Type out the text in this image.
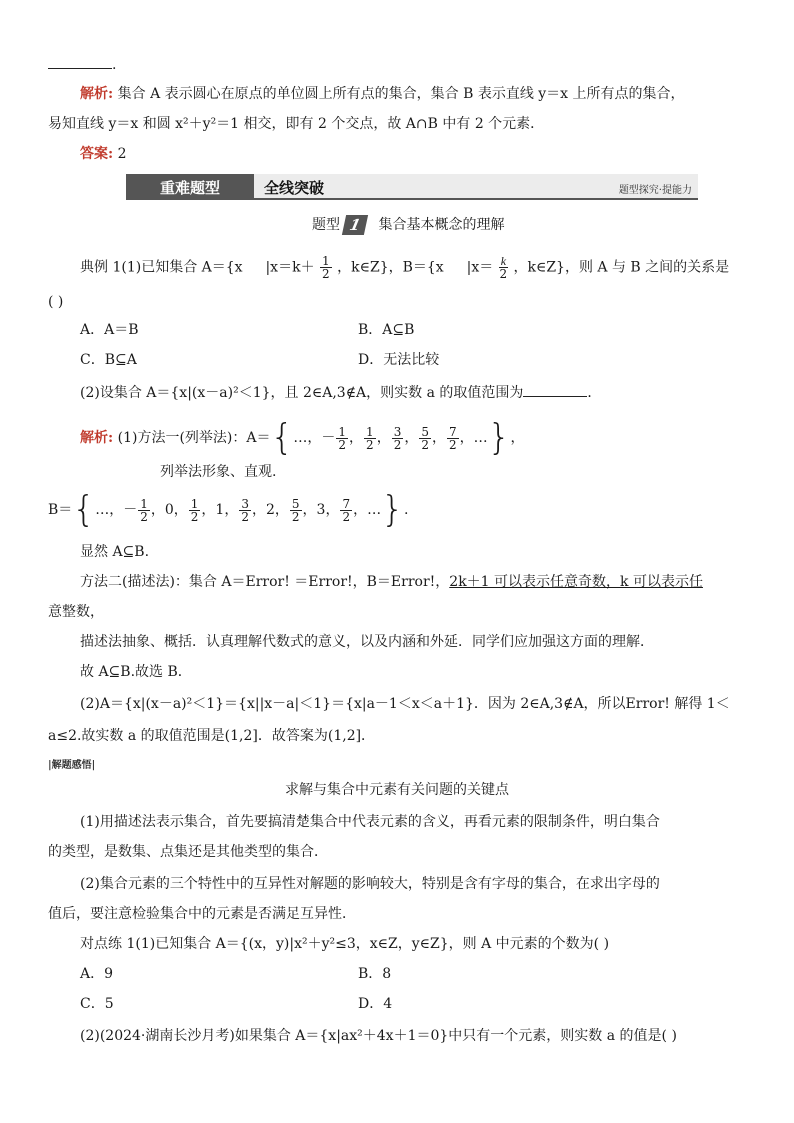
.
解析: 集合 A 表示圆心在原点的单位圆上所有点的集合，集合 B 表示直线 y＝x 上所有点的集合，
易知直线 y＝x 和圆 x²＋y²＝1 相交，即有 2 个交点，故 A∩B 中有 2 个元素．
答案: 2
重难题型	全线突破	题型探究·提能力
题型 1 集合基本概念的理解
典例 1(1)已知集合 A＝{x $|x=k+ \frac{1}{2}$ ，k∈Z}，B＝{x $|x= \frac{k}{2}$ ，k∈Z}，则 A 与 B 之间的关系是
( )
A．A＝B	B．A⊆B
C．B⊆A	D．无法比较
(2)设集合 A＝{x|(x－a)²＜1}，且 2∈A,3∉A，则实数 a 的取值范围为	．
解析: (1)方法一(列举法)：A＝{…，－ $\frac{1}{2}$ ， $\frac{1}{2}$ ， $\frac{3}{2}$ ， $\frac{5}{2}$ ， $\frac{7}{2}$ ，…}，
列举法形象、直观.
B＝{…，－ $\frac{1}{2}$ ，0， $\frac{1}{2}$ ，1， $\frac{3}{2}$ ，2， $\frac{5}{2}$ ，3， $\frac{7}{2}$ ，…}.
显然 A⊆B.
方法二(描述法)：集合 A＝Error! ＝Error!，B＝Error!，2k＋1 可以表示任意奇数，k 可以表示任
意整数，
描述法抽象、概括．认真理解代数式的意义，以及内涵和外延．同学们应加强这方面的理解．
故 A⊆B.故选 B．
(2)A＝{x|(x－a)²＜1}＝{x||x－a|＜1}＝{x|a－1＜x＜a＋1}．因为 2∈A,3∉A，所以Error! 解得 1＜
a≤2.故实数 a 的取值范围是(1,2]．故答案为(1,2]．
|解题感悟|
求解与集合中元素有关问题的关键点
(1)用描述法表示集合，首先要搞清楚集合中代表元素的含义，再看元素的限制条件，明白集合
的类型，是数集、点集还是其他类型的集合．
(2)集合元素的三个特性中的互异性对解题的影响较大，特别是含有字母的集合，在求出字母的
值后，要注意检验集合中的元素是否满足互异性．
对点练 1(1)已知集合 A＝{(x，y)|x²＋y²≤3，x∈Z，y∈Z}，则 A 中元素的个数为( )
A．9	B．8
C．5	D．4
(2)(2024·湖南长沙月考)如果集合 A＝{x|ax²＋4x＋1＝0}中只有一个元素，则实数 a 的值是( )
